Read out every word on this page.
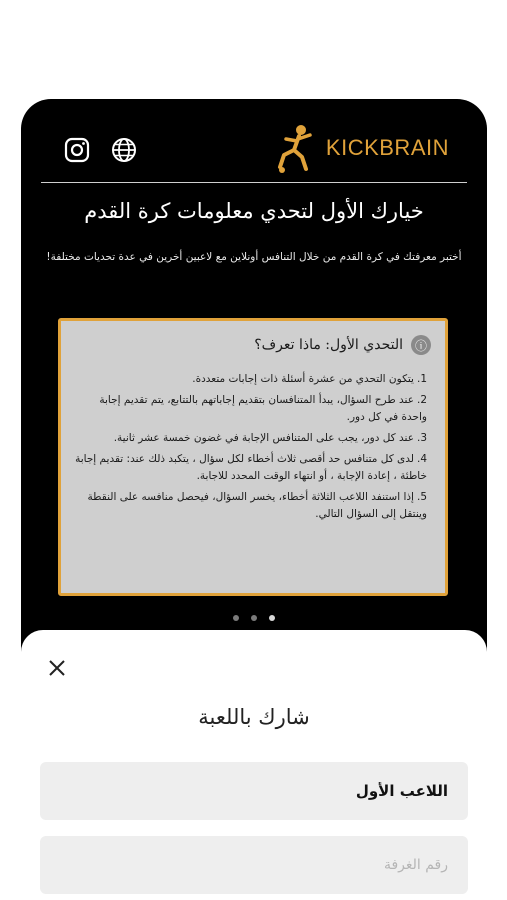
KICKBRAIN
خيارك الأول لتحدي معلومات كرة القدم
أختبر معرفتك في كرة القدم من خلال التنافس أونلاين مع لاعبين أخرين في عدة تحديات مختلفة!
ⓘ
التحدي الأول: ماذا تعرف؟
1.يتكون التحدي من عشرة أسئلة ذات إجابات متعددة.
2.عند طرح السؤال، يبدأ المتنافسان بتقديم إجاباتهم بالتتابع، يتم تقديم إجابة واحدة في كل دور.
3.عند كل دور، يجب على المتنافس الإجابة في غضون خمسة عشر ثانية.
4.لدى كل متنافس حد أقصى ثلاث أخطاء لكل سؤال ، يتكبد ذلك عند: تقديم إجابة خاطئة ، إعادة الإجابة ، أو انتهاء الوقت المحدد للاجابة.
5.إذا استنفد اللاعب الثلاثة أخطاء، يخسر السؤال، فيحصل منافسه على النقطة وينتقل إلى السؤال التالي.
شارك باللعبة
اللاعب الأول
رقم الغرفة
